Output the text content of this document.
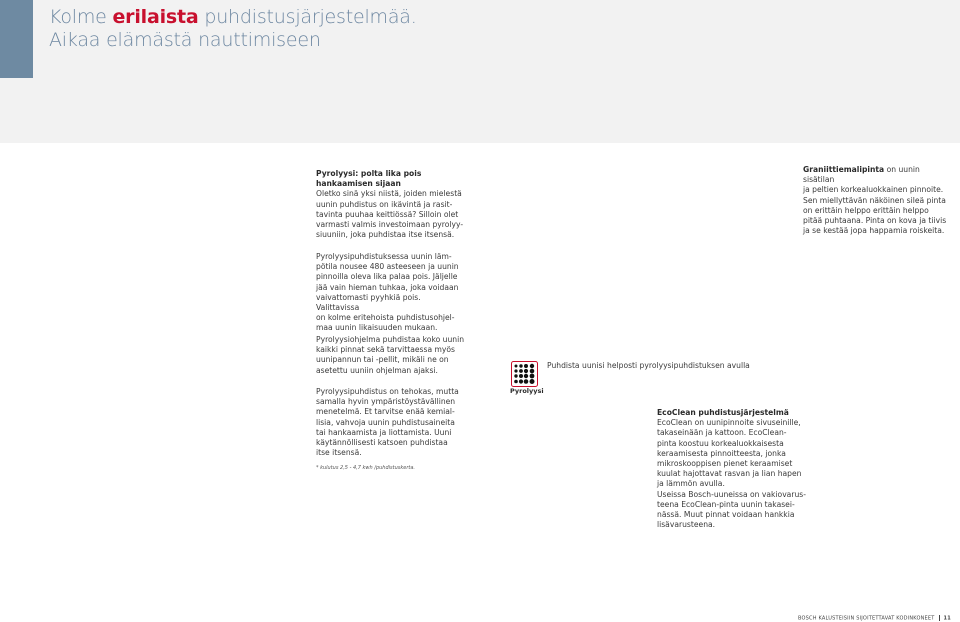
Kolme erilaista puhdistusjärjestelmää.
Aikaa elämästä nauttimiseen
Pyrolyysi: polta lika pois
hankaamisen sijaan
Oletko sinä yksi niistä, joiden mielestä
uunin puhdistus on ikävintä ja rasit-
tavinta puuhaa keittiössä? Silloin olet
varmasti valmis investoimaan pyrolyy-
siuuniin, joka puhdistaa itse itsensä.
Pyrolyysipuhdistuksessa uunin läm-
pötila nousee 480 asteeseen ja uunin
pinnoilla oleva lika palaa pois. Jäljelle
jää vain hieman tuhkaa, joka voidaan
vaivattomasti pyyhkiä pois. Valittavissa
on kolme eritehoista puhdistusohjel-
maa uunin likaisuuden mukaan.
Pyrolyysiohjelma puhdistaa koko uunin
kaikki pinnat sekä tarvittaessa myös
uunipannun tai -pellit, mikäli ne on
asetettu uuniin ohjelman ajaksi.
Pyrolyysipuhdistus on tehokas, mutta
samalla hyvin ympäristöystävällinen
menetelmä. Et tarvitse enää kemial-
lisia, vahvoja uunin puhdistusaineita
tai hankaamista ja liottamista. Uuni
käytännöllisesti katsoen puhdistaa
itse itsensä.
* kulutus 2,5 - 4,7 kwh /puhdistuskerta.
Graniittiemalipinta on uunin sisätilan
ja peltien korkealuokkainen pinnoite.
Sen miellyttävän näköinen sileä pinta
on erittäin helppo erittäin helppo
pitää puhtaana. Pinta on kova ja tiivis
ja se kestää jopa happamia roiskeita.
Pyrolyysi
Puhdista uunisi helposti pyrolyysipuhdistuksen avulla
EcoClean puhdistusjärjestelmä
EcoClean on uunipinnoite sivuseinille,
takaseinään ja kattoon. EcoClean-
pinta koostuu korkealuokkaisesta
keraamisesta pinnoitteesta, jonka
mikroskooppisen pienet keraamiset
kuulat hajottavat rasvan ja lian hapen
ja lämmön avulla.
Useissa Bosch-uuneissa on vakiovarus-
teena EcoClean-pinta uunin takasei-
nässä. Muut pinnat voidaan hankkia
lisävarusteena.
BOSCH KALUSTEISIIN SIJOITETTAVAT KODINKONEET 11
